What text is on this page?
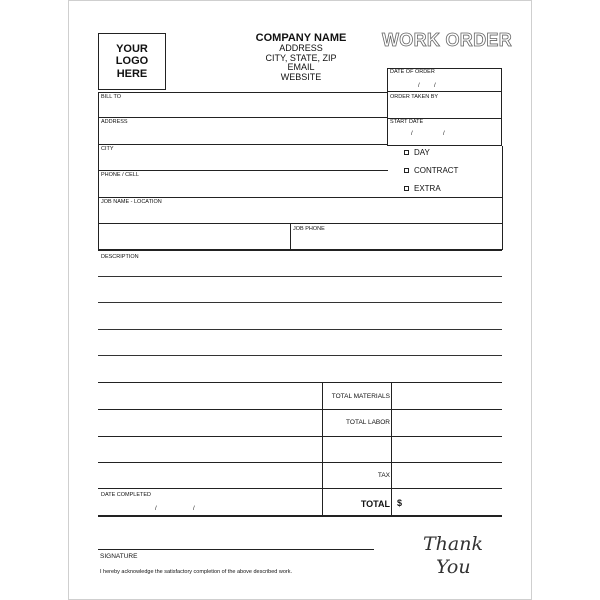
YOUR
LOGO
HERE
COMPANY NAME
ADDRESS
CITY, STATE, ZIP
EMAIL
WEBSITE
WORK ORDER
DATE OF ORDER
/ /
ORDER TAKEN BY
START DATE
/	/
DAY
CONTRACT
EXTRA
BILL TO
ADDRESS
CITY
PHONE / CELL
JOB NAME - LOCATION
JOB PHONE
DESCRIPTION
TOTAL MATERIALS
TOTAL LABOR
TAX
TOTAL $
DATE COMPLETED
/	/
SIGNATURE
I hereby acknowledge the satisfactory completion of the above described work.
Thank
You
